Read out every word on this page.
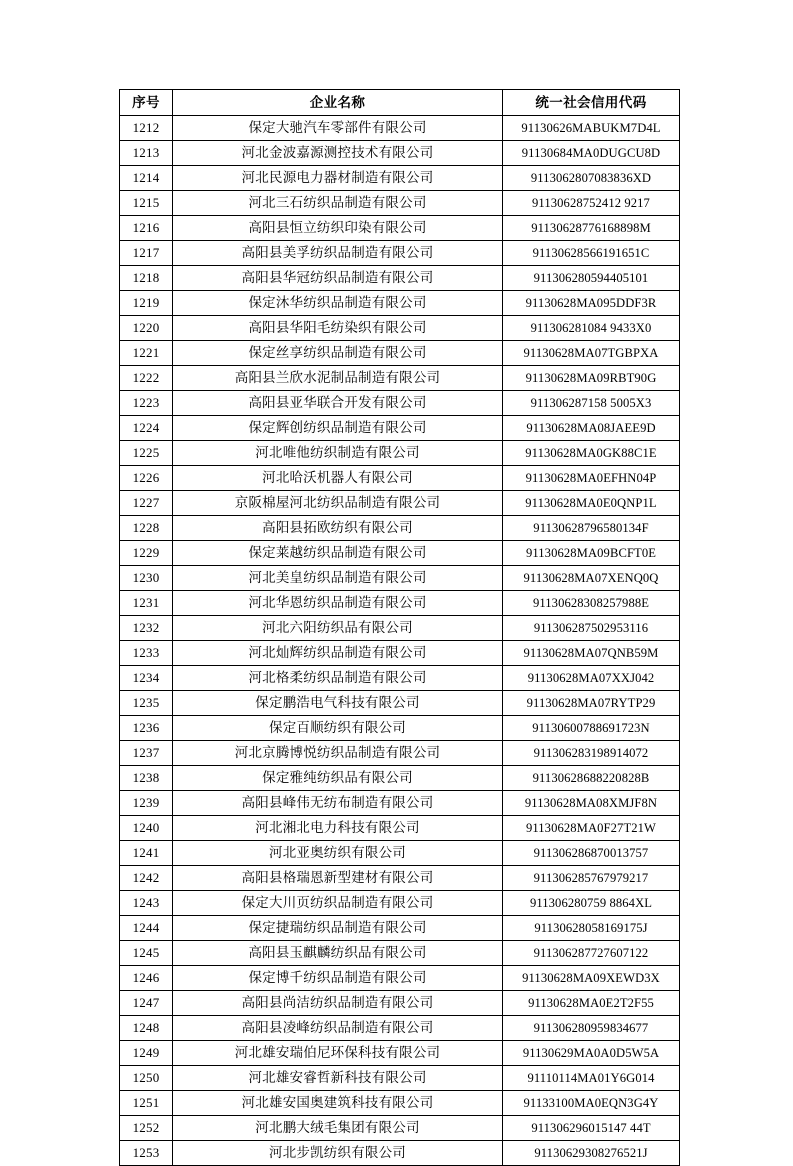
序号	企业名称	统一社会信用代码
1212	保定大驰汽车零部件有限公司	91130626MABUKM7D4L
1213	河北金波嘉源测控技术有限公司	91130684MA0DUGCU8D
1214	河北民源电力器材制造有限公司	9113062807083836XD
1215	河北三石纺织品制造有限公司	91130628752412 9217
1216	高阳县恒立纺织印染有限公司	91130628776168898M
1217	高阳县美孚纺织品制造有限公司	91130628566191651C
1218	高阳县华冠纺织品制造有限公司	911306280594405101
1219	保定沐华纺织品制造有限公司	91130628MA095DDF3R
1220	高阳县华阳毛纺染织有限公司	911306281084 9433X0
1221	保定丝享纺织品制造有限公司	91130628MA07TGBPXA
1222	高阳县兰欣水泥制品制造有限公司	91130628MA09RBT90G
1223	高阳县亚华联合开发有限公司	911306287158 5005X3
1224	保定辉创纺织品制造有限公司	91130628MA08JAEE9D
1225	河北唯他纺织制造有限公司	91130628MA0GK88C1E
1226	河北哈沃机器人有限公司	91130628MA0EFHN04P
1227	京阪棉屋河北纺织品制造有限公司	91130628MA0E0QNP1L
1228	高阳县拓欧纺织有限公司	91130628796580134F
1229	保定莱越纺织品制造有限公司	91130628MA09BCFT0E
1230	河北美皇纺织品制造有限公司	91130628MA07XENQ0Q
1231	河北华恩纺织品制造有限公司	91130628308257988E
1232	河北六阳纺织品有限公司	911306287502953116
1233	河北灿辉纺织品制造有限公司	91130628MA07QNB59M
1234	河北格柔纺织品制造有限公司	91130628MA07XXJ042
1235	保定鹏浩电气科技有限公司	91130628MA07RYTP29
1236	保定百顺纺织有限公司	91130600788691723N
1237	河北京腾博悦纺织品制造有限公司	911306283198914072
1238	保定雅纯纺织品有限公司	91130628688220828B
1239	高阳县峰伟无纺布制造有限公司	91130628MA08XMJF8N
1240	河北湘北电力科技有限公司	91130628MA0F27T21W
1241	河北亚奥纺织有限公司	911306286870013757
1242	高阳县格瑞恩新型建材有限公司	911306285767979217
1243	保定大川页纺织品制造有限公司	911306280759 8864XL
1244	保定捷瑞纺织品制造有限公司	91130628058169175J
1245	高阳县玉麒麟纺织品有限公司	911306287727607122
1246	保定博千纺织品制造有限公司	91130628MA09XEWD3X
1247	高阳县尚洁纺织品制造有限公司	91130628MA0E2T2F55
1248	高阳县凌峰纺织品制造有限公司	911306280959834677
1249	河北雄安瑞伯尼环保科技有限公司	91130629MA0A0D5W5A
1250	河北雄安睿哲新科技有限公司	91110114MA01Y6G014
1251	河北雄安国奥建筑科技有限公司	91133100MA0EQN3G4Y
1252	河北鹏大绒毛集团有限公司	911306296015147 44T
1253	河北步凯纺织有限公司	91130629308276521J
